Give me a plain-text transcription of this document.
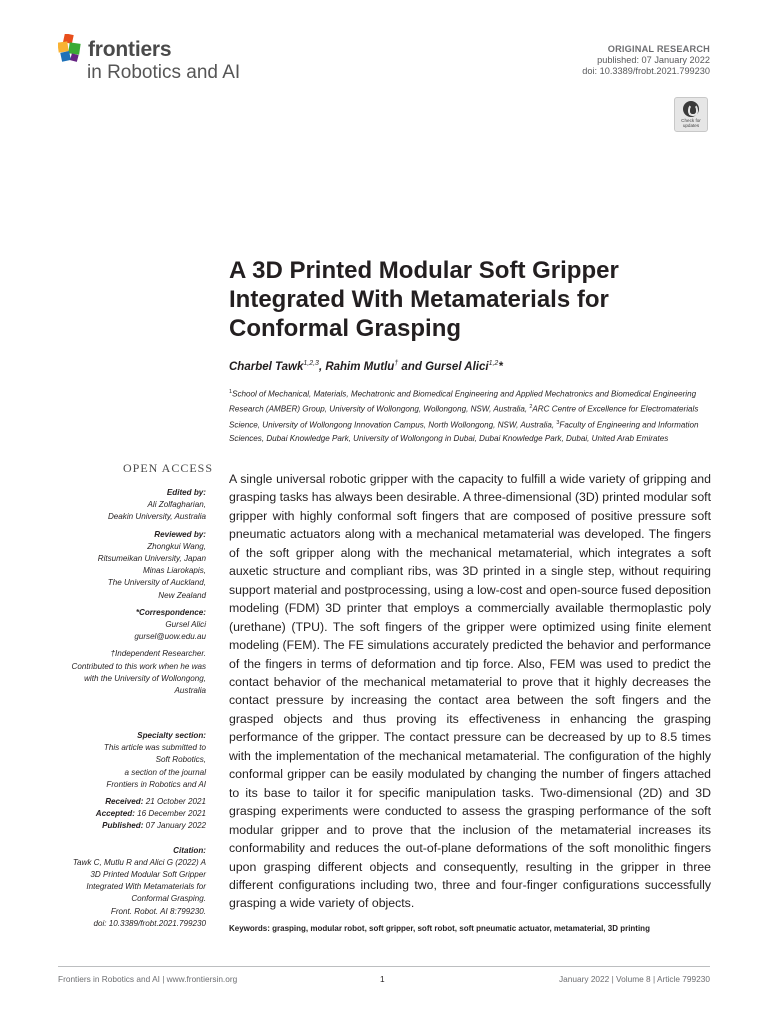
frontiers
in Robotics and AI
ORIGINAL RESEARCH
published: 07 January 2022
doi: 10.3389/frobt.2021.799230
Check for updates
A 3D Printed Modular Soft Gripper Integrated With Metamaterials for Conformal Grasping
Charbel Tawk$^{1,2,3}$, Rahim Mutlu† and Gursel Alici$^{1,2}$*
$^1$School of Mechanical, Materials, Mechatronic and Biomedical Engineering and Applied Mechatronics and Biomedical Engineering Research (AMBER) Group, University of Wollongong, Wollongong, NSW, Australia, $^2$ARC Centre of Excellence for Electromaterials Science, University of Wollongong Innovation Campus, North Wollongong, NSW, Australia, $^3$Faculty of Engineering and Information Sciences, Dubai Knowledge Park, University of Wollongong in Dubai, Dubai Knowledge Park, Dubai, United Arab Emirates
OPEN ACCESS

Edited by:

Ali Zolfagharian,

Deakin University, Australia

Reviewed by:

Zhongkui Wang,

Ritsumeikan University, Japan

Minas Liarokapis,

The University of Auckland,

New Zealand

*Correspondence:

Gursel Alici

gursel@uow.edu.au

†Independent Researcher.

Contributed to this work when he was

with the University of Wollongong,

Australia

Specialty section:

This article was submitted to

Soft Robotics,

a section of the journal

Frontiers in Robotics and AI

Received: 21 October 2021

Accepted: 16 December 2021

Published: 07 January 2022

Citation:

Tawk C, Mutlu R and Alici G (2022) A

3D Printed Modular Soft Gripper

Integrated With Metamaterials for

Conformal Grasping.

Front. Robot. AI 8:799230.

doi: 10.3389/frobt.2021.799230

A single universal robotic gripper with the capacity to fulfill a wide variety of gripping and grasping tasks has always been desirable. A three-dimensional (3D) printed modular soft gripper with highly conformal soft fingers that are composed of positive pressure soft pneumatic actuators along with a mechanical metamaterial was developed. The fingers of the soft gripper along with the mechanical metamaterial, which integrates a soft auxetic structure and compliant ribs, was 3D printed in a single step, without requiring support material and postprocessing, using a low-cost and open-source fused deposition modeling (FDM) 3D printer that employs a commercially available thermoplastic poly (urethane) (TPU). The soft fingers of the gripper were optimized using finite element modeling (FEM). The FE simulations accurately predicted the behavior and performance of the fingers in terms of deformation and tip force. Also, FEM was used to predict the contact behavior of the mechanical metamaterial to prove that it highly decreases the contact pressure by increasing the contact area between the soft fingers and the grasped objects and thus proving its effectiveness in enhancing the grasping performance of the gripper. The contact pressure can be decreased by up to 8.5 times with the implementation of the mechanical metamaterial. The configuration of the highly conformal gripper can be easily modulated by changing the number of fingers attached to its base to tailor it for specific manipulation tasks. Two-dimensional (2D) and 3D grasping experiments were conducted to assess the grasping performance of the soft modular gripper and to prove that the inclusion of the metamaterial increases its conformability and reduces the out-of-plane deformations of the soft monolithic fingers upon grasping different objects and consequently, resulting in the gripper in three different configurations including two, three and four-finger configurations successfully grasping a wide variety of objects.

Keywords: grasping, modular robot, soft gripper, soft robot, soft pneumatic actuator, metamaterial, 3D printing
Frontiers in Robotics and AI | www.frontiersin.org	1	January 2022 | Volume 8 | Article 799230
